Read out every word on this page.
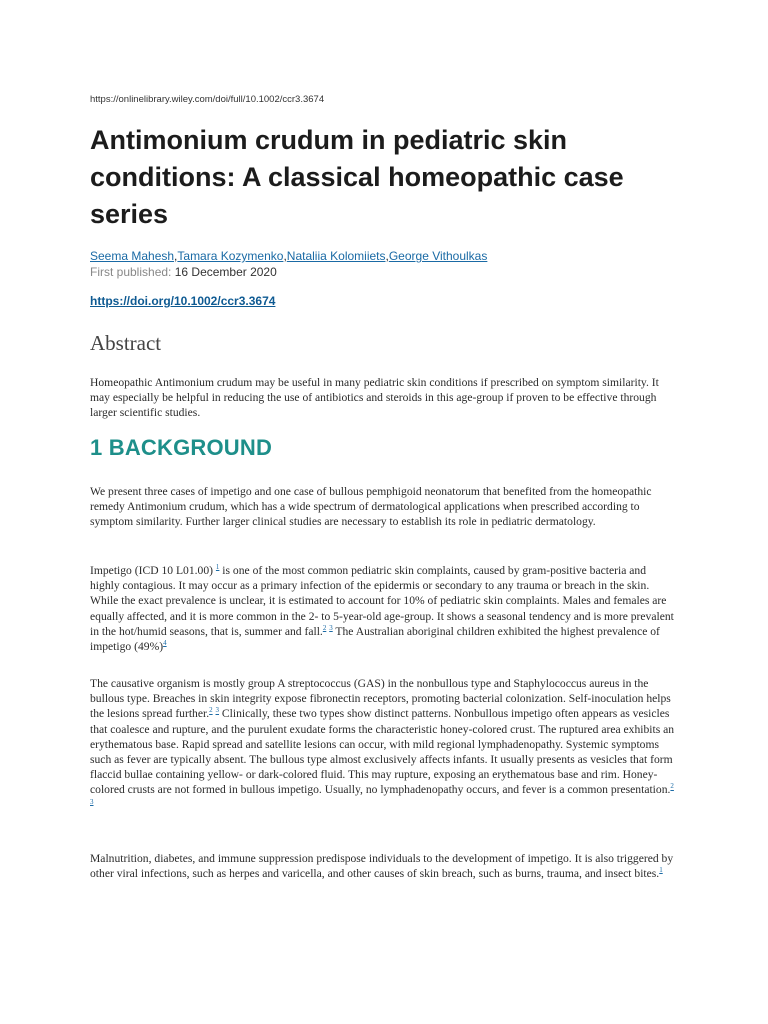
https://onlinelibrary.wiley.com/doi/full/10.1002/ccr3.3674
Antimonium crudum in pediatric skin conditions: A classical homeopathic case series
Seema Mahesh,Tamara Kozymenko,Nataliia Kolomiiets,George Vithoulkas
First published: 16 December 2020
https://doi.org/10.1002/ccr3.3674
Abstract

Homeopathic Antimonium crudum may be useful in many pediatric skin conditions if prescribed on symptom similarity. It may especially be helpful in reducing the use of antibiotics and steroids in this age-group if proven to be effective through larger scientific studies.

1 BACKGROUND

We present three cases of impetigo and one case of bullous pemphigoid neonatorum that benefited from the homeopathic remedy Antimonium crudum, which has a wide spectrum of dermatological applications when prescribed according to symptom similarity. Further larger clinical studies are necessary to establish its role in pediatric dermatology.

Impetigo (ICD 10 L01.00) $^1$ is one of the most common pediatric skin complaints, caused by gram-positive bacteria and highly contagious. It may occur as a primary infection of the epidermis or secondary to any trauma or breach in the skin. While the exact prevalence is unclear, it is estimated to account for 10% of pediatric skin complaints. Males and females are equally affected, and it is more common in the 2- to 5-year-old age-group. It shows a seasonal tendency and is more prevalent in the hot/humid seasons, that is, summer and fall.$^2$ $^3$ The Australian aboriginal children exhibited the highest prevalence of impetigo (49%)$^4$

The causative organism is mostly group A streptococcus (GAS) in the nonbullous type and Staphylococcus aureus in the bullous type. Breaches in skin integrity expose fibronectin receptors, promoting bacterial colonization. Self-inoculation helps the lesions spread further.$^2$ $^3$ Clinically, these two types show distinct patterns. Nonbullous impetigo often appears as vesicles that coalesce and rupture, and the purulent exudate forms the characteristic honey-colored crust. The ruptured area exhibits an erythematous base. Rapid spread and satellite lesions can occur, with mild regional lymphadenopathy. Systemic symptoms such as fever are typically absent. The bullous type almost exclusively affects infants. It usually presents as vesicles that form flaccid bullae containing yellow- or dark-colored fluid. This may rupture, exposing an erythematous base and rim. Honey-colored crusts are not formed in bullous impetigo. Usually, no lymphadenopathy occurs, and fever is a common presentation.$^2$ $^3$

Malnutrition, diabetes, and immune suppression predispose individuals to the development of impetigo. It is also triggered by other viral infections, such as herpes and varicella, and other causes of skin breach, such as burns, trauma, and insect bites.$^1$
